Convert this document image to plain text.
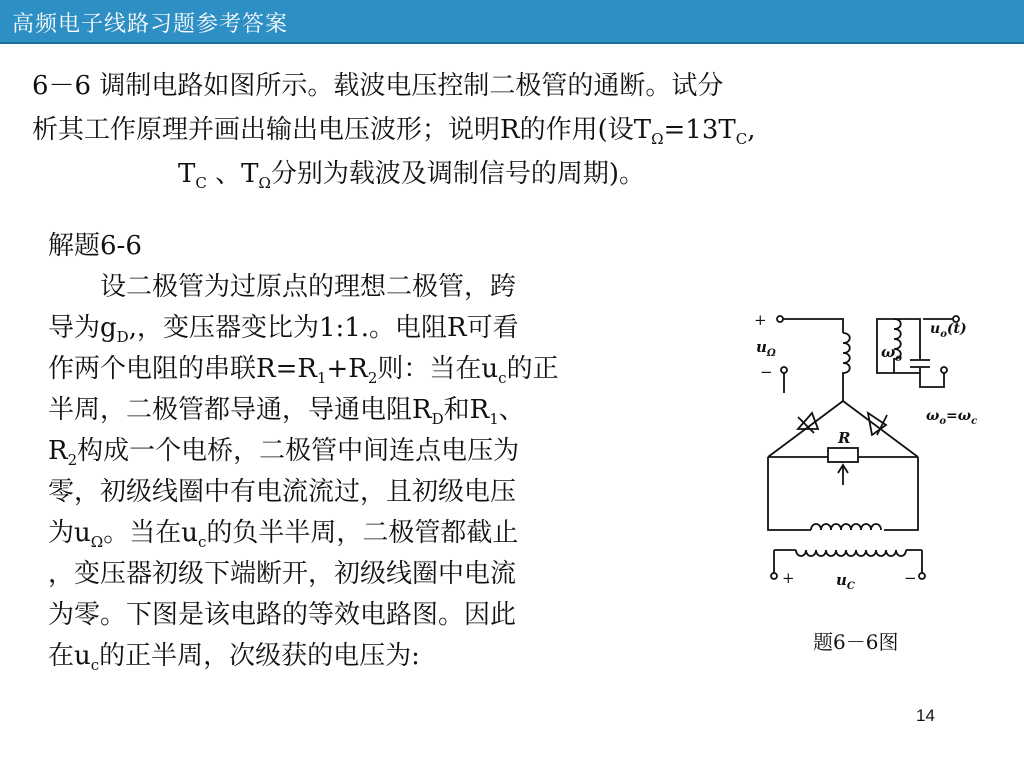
高频电子线路习题参考答案
6－6 调制电路如图所示。载波电压控制二极管的通断。试分
析其工作原理并画出输出电压波形；说明R的作用(设$T_\Omega=13T_C$,
$T_C$ 、$T_\Omega$分别为载波及调制信号的周期)。
解题6-6
设二极管为过原点的理想二极管，跨
导为$g_D$,，变压器变比为1:1.。电阻R可看
作两个电阻的串联$R=R_1+R_2$则：当在$u_c$的正
半周，二极管都导通，导通电阻$R_D$和$R_1$、
$R_2$构成一个电桥，二极管中间连点电压为
零，初级线圈中有电流流过，且初级电压
为$u_\Omega$。当在$u_c$的负半半周，二极管都截止
，变压器初级下端断开，初级线圈中电流
为零。下图是该电路的等效电路图。因此
在$u_c$的正半周，次级获的电压为:
+
$u_\Omega$
−
$\omega_o$
$u_o(t)$
$\omega_o=\omega_c$
R
+	$u_C$	−
题6－6图
14
